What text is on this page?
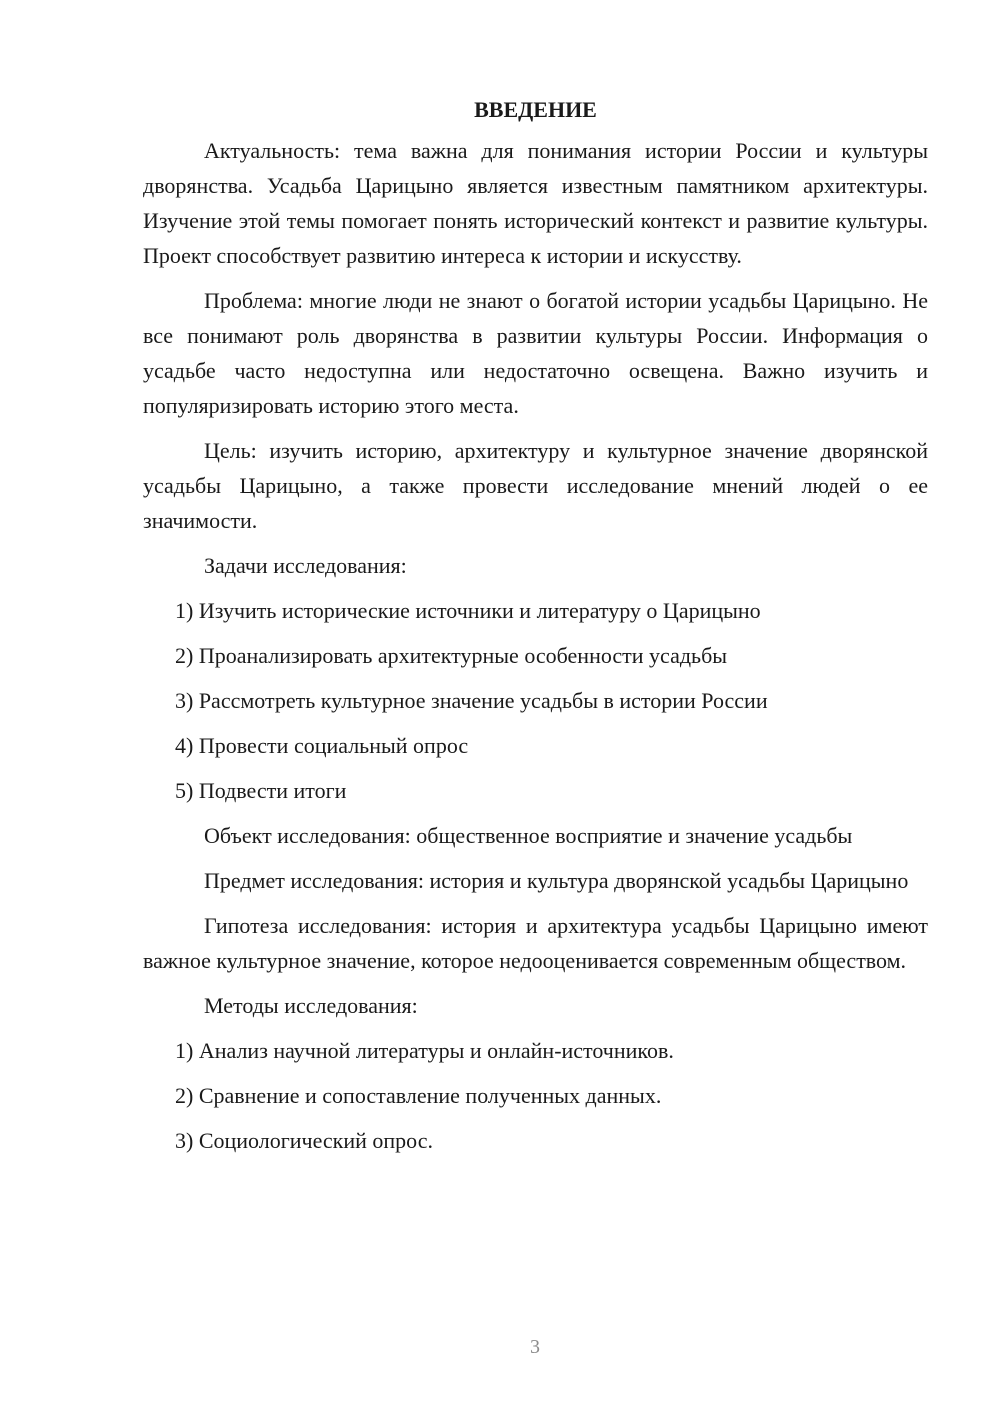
ВВЕДЕНИЕ

Актуальность: тема важна для понимания истории России и культуры дворянства. Усадьба Царицыно является известным памятником архитектуры. Изучение этой темы помогает понять исторический контекст и развитие культуры. Проект способствует развитию интереса к истории и искусству.

Проблема: многие люди не знают о богатой истории усадьбы Царицыно. Не все понимают роль дворянства в развитии культуры России. Информация о усадьбе часто недоступна или недостаточно освещена. Важно изучить и популяризировать историю этого места.

Цель: изучить историю, архитектуру и культурное значение дворянской усадьбы Царицыно, а также провести исследование мнений людей о ее значимости.

Задачи исследования:
1) Изучить исторические источники и литературу о Царицыно
2) Проанализировать архитектурные особенности усадьбы
3) Рассмотреть культурное значение усадьбы в истории России
4) Провести социальный опрос
5) Подвести итоги

Объект исследования: общественное восприятие и значение усадьбы

Предмет исследования: история и культура дворянской усадьбы Царицыно

Гипотеза исследования: история и архитектура усадьбы Царицыно имеют важное культурное значение, которое недооценивается современным обществом.

Методы исследования:
1) Анализ научной литературы и онлайн-источников.
2) Сравнение и сопоставление полученных данных.
3) Социологический опрос.
3
